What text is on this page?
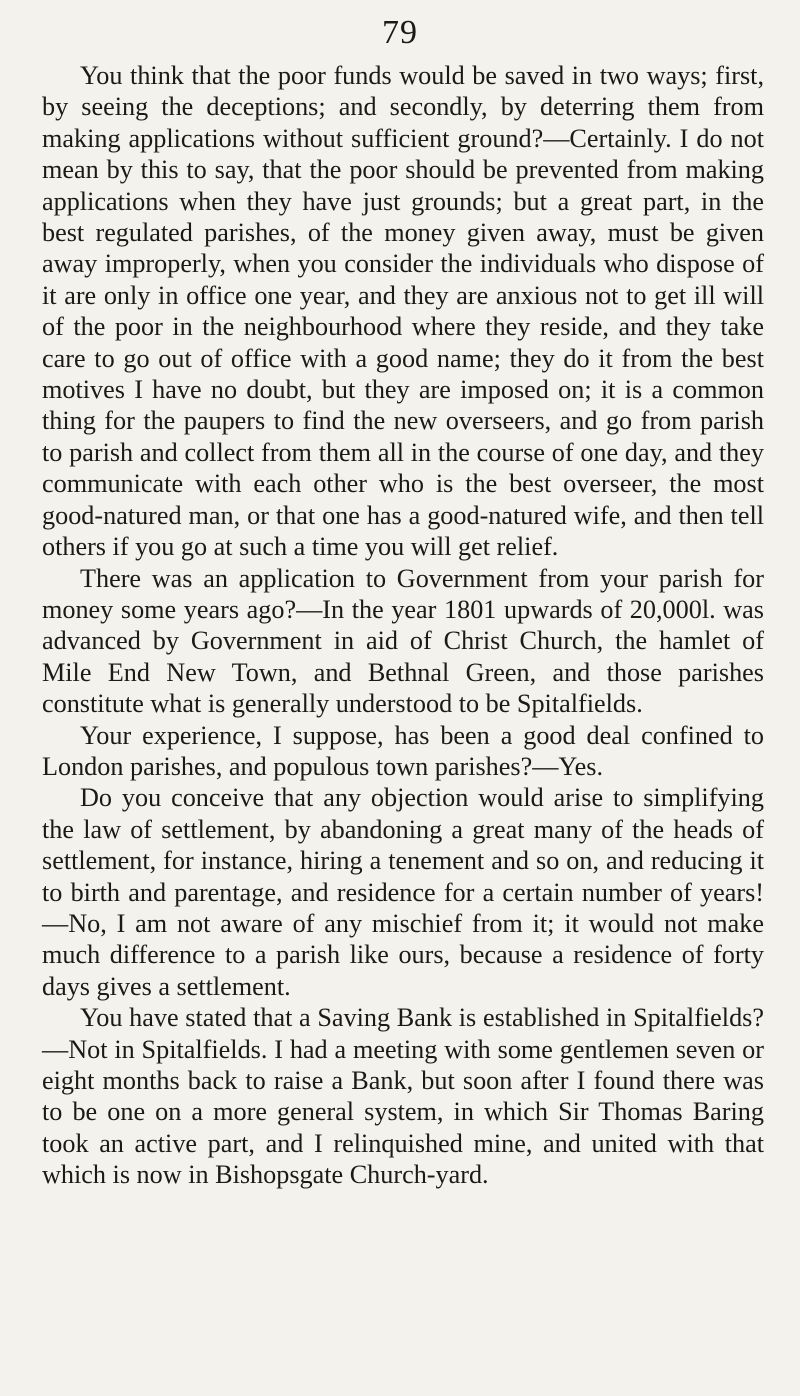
79

You think that the poor funds would be saved in two ways; first, by seeing the deceptions; and secondly, by deterring them from making applications without sufficient ground?—Certainly. I do not mean by this to say, that the poor should be prevented from making applications when they have just grounds; but a great part, in the best regulated parishes, of the money given away, must be given away improperly, when you consider the individuals who dispose of it are only in office one year, and they are anxious not to get ill will of the poor in the neighbourhood where they reside, and they take care to go out of office with a good name; they do it from the best motives I have no doubt, but they are imposed on; it is a common thing for the paupers to find the new overseers, and go from parish to parish and collect from them all in the course of one day, and they communicate with each other who is the best overseer, the most good-natured man, or that one has a good-natured wife, and then tell others if you go at such a time you will get relief.

There was an application to Government from your parish for money some years ago?—In the year 1801 upwards of 20,000l. was advanced by Government in aid of Christ Church, the hamlet of Mile End New Town, and Bethnal Green, and those parishes constitute what is generally understood to be Spitalfields.

Your experience, I suppose, has been a good deal confined to London parishes, and populous town parishes?—Yes.

Do you conceive that any objection would arise to simplifying the law of settlement, by abandoning a great many of the heads of settlement, for instance, hiring a tenement and so on, and reducing it to birth and parentage, and residence for a certain number of years!—No, I am not aware of any mischief from it; it would not make much difference to a parish like ours, because a residence of forty days gives a settlement.

You have stated that a Saving Bank is established in Spitalfields?—Not in Spitalfields. I had a meeting with some gentlemen seven or eight months back to raise a Bank, but soon after I found there was to be one on a more general system, in which Sir Thomas Baring took an active part, and I relinquished mine, and united with that which is now in Bishopsgate Church-yard.
